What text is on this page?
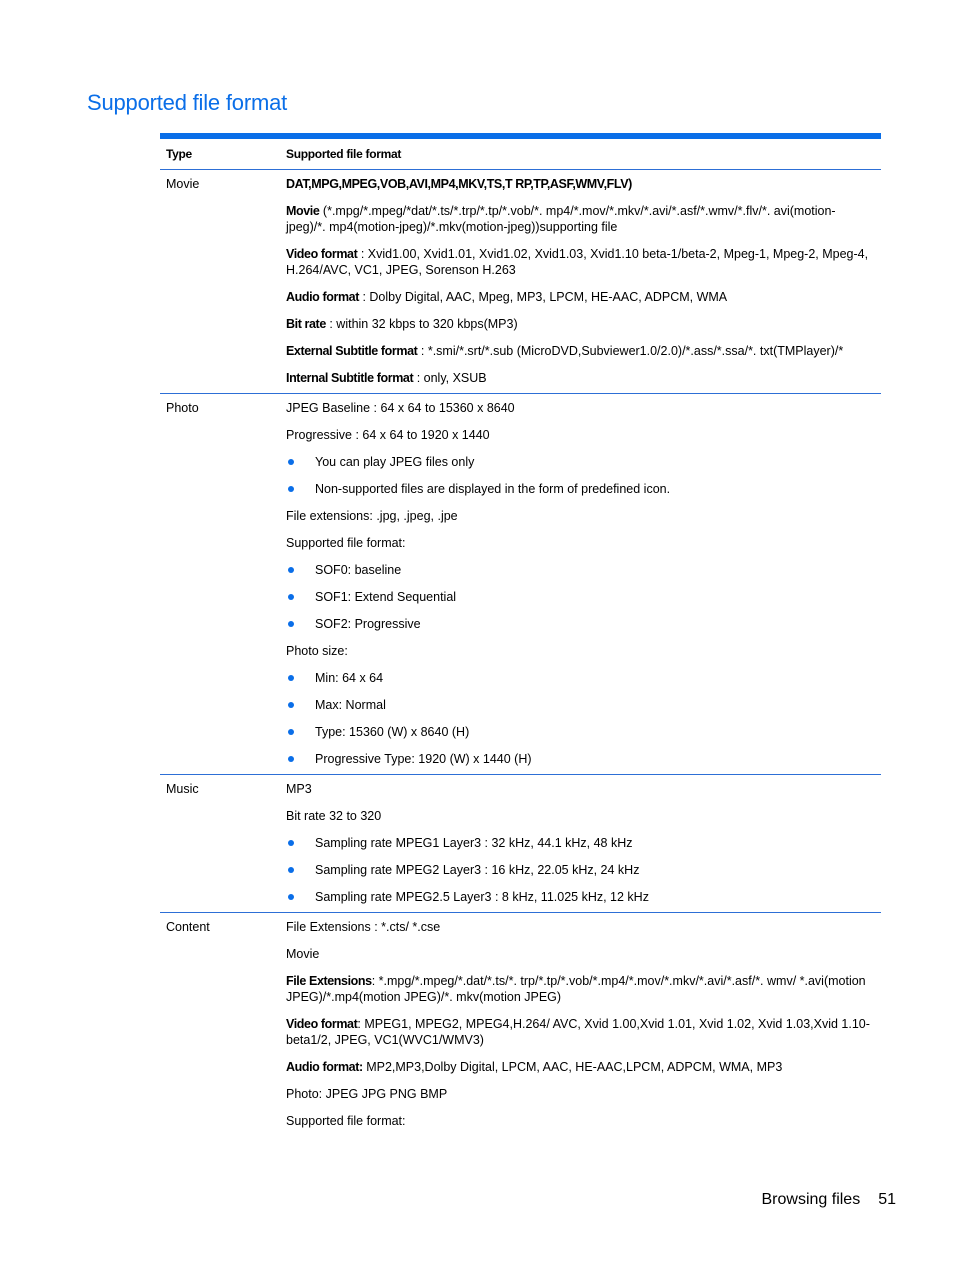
Supported file format
Type	Supported file format
Movie	DAT,MPG,MPEG,VOB,AVI,MP4,MKV,TS,T RP,TP,ASF,WMV,FLV)

Movie (*.mpg/*.mpeg/*dat/*.ts/*.trp/*.tp/*.vob/*. mp4/*.mov/*.mkv/*.avi/*.asf/*.wmv/*.flv/*. avi(motion-jpeg)/*. mp4(motion-jpeg)/*.mkv(motion-jpeg))supporting file

Video format : Xvid1.00, Xvid1.01, Xvid1.02, Xvid1.03, Xvid1.10 beta-1/beta-2, Mpeg-1, Mpeg-2, Mpeg-4, H.264/AVC, VC1, JPEG, Sorenson H.263

Audio format : Dolby Digital, AAC, Mpeg, MP3, LPCM, HE-AAC, ADPCM, WMA

Bit rate : within 32 kbps to 320 kbps(MP3)

External Subtitle format : *.smi/*.srt/*.sub (MicroDVD,Subviewer1.0/2.0)/*.ass/*.ssa/*. txt(TMPlayer)/*

Internal Subtitle format : only, XSUB

Photo	JPEG Baseline : 64 x 64 to 15360 x 8640

Progressive : 64 x 64 to 1920 x 1440

You can play JPEG files only
Non-supported files are displayed in the form of predefined icon.

File extensions: .jpg, .jpeg, .jpe

Supported file format:

SOF0: baseline
SOF1: Extend Sequential
SOF2: Progressive

Photo size:

Min: 64 x 64
Max: Normal
Type: 15360 (W) x 8640 (H)
Progressive Type: 1920 (W) x 1440 (H)
Music	MP3

Bit rate 32 to 320

Sampling rate MPEG1 Layer3 : 32 kHz, 44.1 kHz, 48 kHz
Sampling rate MPEG2 Layer3 : 16 kHz, 22.05 kHz, 24 kHz
Sampling rate MPEG2.5 Layer3 : 8 kHz, 11.025 kHz, 12 kHz
Content	File Extensions : *.cts/ *.cse

Movie

File Extensions: *.mpg/*.mpeg/*.dat/*.ts/*. trp/*.tp/*.vob/*.mp4/*.mov/*.mkv/*.avi/*.asf/*. wmv/ *.avi(motion JPEG)/*.mp4(motion JPEG)/*. mkv(motion JPEG)

Video format: MPEG1, MPEG2, MPEG4,H.264/ AVC, Xvid 1.00,Xvid 1.01, Xvid 1.02, Xvid 1.03,Xvid 1.10-beta1/2, JPEG, VC1(WVC1/WMV3)

Audio format: MP2,MP3,Dolby Digital, LPCM, AAC, HE-AAC,LPCM, ADPCM, WMA, MP3

Photo: JPEG JPG PNG BMP

Supported file format:

Browsing files 51
